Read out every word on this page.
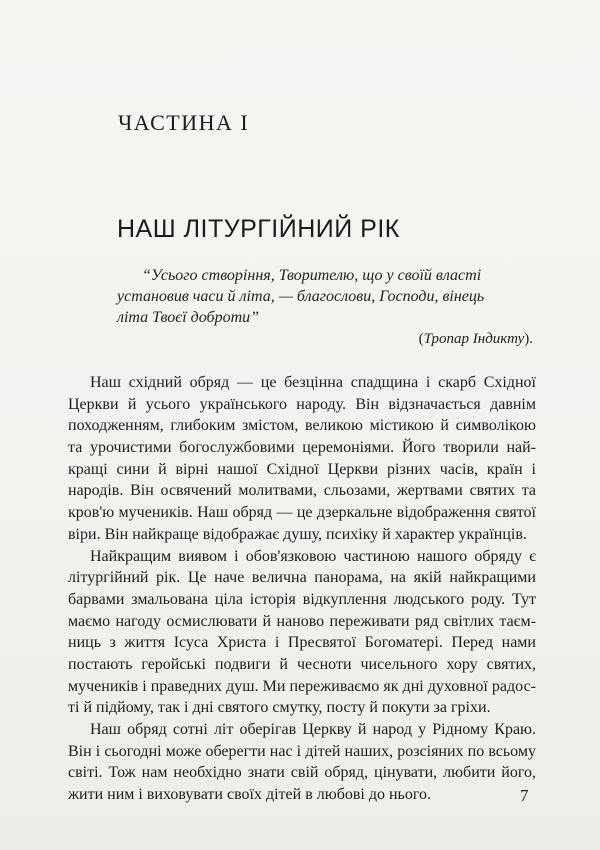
ЧАСТИНА І
НАШ ЛІТУРГІЙНИЙ РІК
“Усього створіння, Творителю, що у своїй власті
установив часи й літа, — благослови, Господи, вінець
літа Твоєї доброти”
(Тропар Індикту).
Наш східний обряд — це безцінна спадщина і скарб Східної
Церкви й усього українського народу. Він відзначається давнім
походженням, глибоким змістом, великою містикою й символікою
та урочистими богослужбовими церемоніями. Його творили най-
кращі сини й вірні нашої Східної Церкви різних часів, країн і
народів. Він освячений молитвами, сльозами, жертвами святих та
кров'ю мучеників. Наш обряд — це дзеркальне відображення святої
віри. Він найкраще відображає душу, психіку й характер українців.
Найкращим виявом і обов'язковою частиною нашого обряду є
літургійний рік. Це наче велична панорама, на якій найкращими
барвами змальована ціла історія відкуплення людського роду. Тут
маємо нагоду осмислювати й наново переживати ряд світлих таєм-
ниць з життя Ісуса Христа і Пресвятої Богоматері. Перед нами
постають геройські подвиги й чесноти чисельного хору святих,
мучеників і праведних душ. Ми переживаємо як дні духовної радос-
ті й підйому, так і дні святого смутку, посту й покути за гріхи.
Наш обряд сотні літ оберігав Церкву й народ у Рідному Краю.
Він і сьогодні може оберегти нас і дітей наших, розсіяних по всьому
світі. Тож нам необхідно знати свій обряд, цінувати, любити його,
жити ним і виховувати своїх дітей в любові до нього.	7
